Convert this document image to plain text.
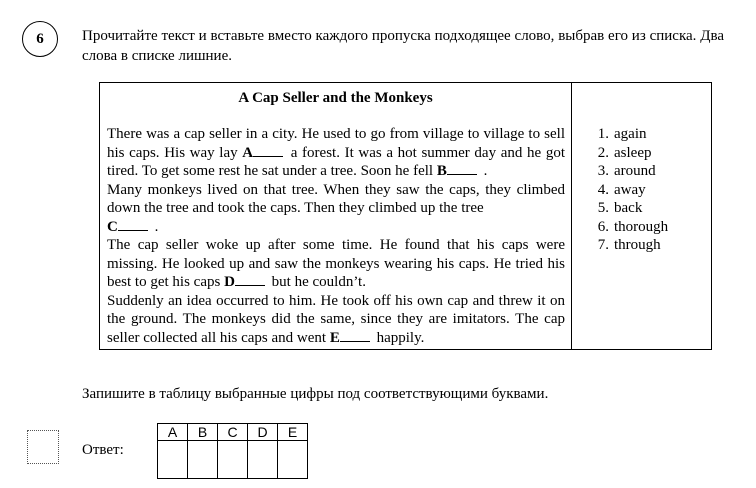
6	Прочитайте текст и вставьте вместо каждого пропуска подходящее слово, выбрав его из списка. Два слова в списке лишние.
A Cap Seller and the Monkeys

There was a cap seller in a city. He used to go from village to village to sell his caps. His way lay A a forest. It was a hot summer day and he got tired. To get some rest he sat under a tree. Soon he fell B .

Many monkeys lived on that tree. When they saw the caps, they climbed down the tree and took the caps. Then they climbed up the tree
C .

The cap seller woke up after some time. He found that his caps were missing. He looked up and saw the monkeys wearing his caps. He tried his best to get his caps D but he couldn’t.

Suddenly an idea occurred to him. He took off his own cap and threw it on the ground. The monkeys did the same, since they are imitators. The cap seller collected all his caps and went E happily.

1. again
2. asleep
3. around
4. away
5. back
6. thorough
7. through
Запишите в таблицу выбранные цифры под соответствующими буквами.
Ответ:
A	B	C	D	E
